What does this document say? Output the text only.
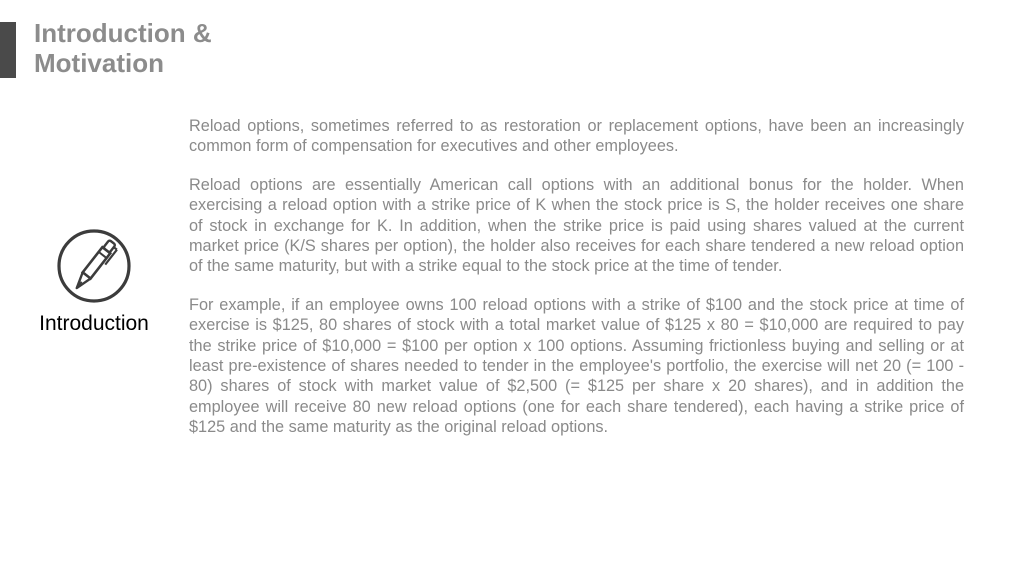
Introduction &
Motivation
Introduction

Reload options, sometimes referred to as restoration or replacement options, have been an increasingly common form of compensation for executives and other employees.

Reload options are essentially American call options with an additional bonus for the holder. When exercising a reload option with a strike price of K when the stock price is S, the holder receives one share of stock in exchange for K. In addition, when the strike price is paid using shares valued at the current market price (K/S shares per option), the holder also receives for each share tendered a new reload option of the same maturity, but with a strike equal to the stock price at the time of tender.

For example, if an employee owns 100 reload options with a strike of $100 and the stock price at time of exercise is $125, 80 shares of stock with a total market value of $125 x 80 = $10,000 are required to pay the strike price of $10,000 = $100 per option x 100 options. Assuming frictionless buying and selling or at least pre-existence of shares needed to tender in the employee's portfolio, the exercise will net 20 (= 100 - 80) shares of stock with market value of $2,500 (= $125 per share x 20 shares), and in addition the employee will receive 80 new reload options (one for each share tendered), each having a strike price of $125 and the same maturity as the original reload options.
